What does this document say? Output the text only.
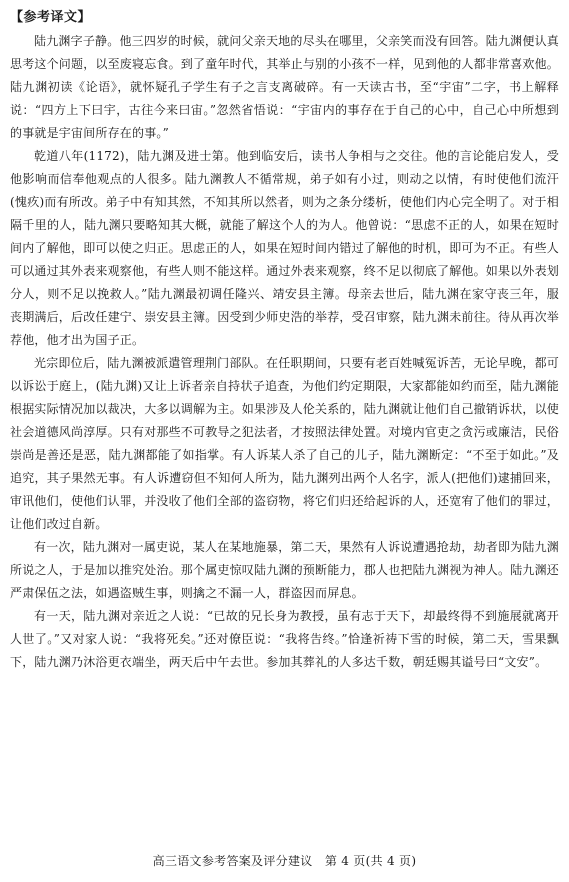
【参考译文】

陆九渊字子静。他三四岁的时候，就问父亲天地的尽头在哪里，父亲笑而没有回答。陆九渊便认真思考这个问题，以至废寝忘食。到了童年时代，其举止与别的小孩不一样，见到他的人都非常喜欢他。陆九渊初读《论语》，就怀疑孔子学生有子之言支离破碎。有一天读古书，至“宇宙”二字，书上解释说：“四方上下曰宇，古往今来曰宙。”忽然省悟说：“宇宙内的事存在于自己的心中，自己心中所想到的事就是宇宙间所存在的事。”

乾道八年(1172)，陆九渊及进士第。他到临安后，读书人争相与之交往。他的言论能启发人，受他影响而信奉他观点的人很多。陆九渊教人不循常规，弟子如有小过，则动之以情，有时使他们流汗(愧疚)而有所改。弟子中有知其然，不知其所以然者，则为之条分缕析，使他们内心完全明了。对于相隔千里的人，陆九渊只要略知其大概，就能了解这个人的为人。他曾说：“思虑不正的人，如果在短时间内了解他，即可以使之归正。思虑正的人，如果在短时间内错过了解他的时机，即可为不正。有些人可以通过其外表来观察他，有些人则不能这样。通过外表来观察，终不足以彻底了解他。如果以外表划分人，则不足以挽救人。”陆九渊最初调任隆兴、靖安县主簿。母亲去世后，陆九渊在家守丧三年，服丧期满后，后改任建宁、崇安县主簿。因受到少师史浩的举荐，受召审察，陆九渊未前往。待从再次举荐他，他才出为国子正。

光宗即位后，陆九渊被派遣管理荆门部队。在任职期间，只要有老百姓喊冤诉苦，无论早晚，都可以诉讼于庭上，(陆九渊)又让上诉者亲自持状子追查，为他们约定期限，大家都能如约而至，陆九渊能根据实际情况加以裁决，大多以调解为主。如果涉及人伦关系的，陆九渊就让他们自己撤销诉状，以使社会道德风尚淳厚。只有对那些不可教导之犯法者，才按照法律处置。对境内官吏之贪污或廉洁，民俗崇尚是善还是恶，陆九渊都能了如指掌。有人诉某人杀了自己的儿子，陆九渊断定：“不至于如此。”及追究，其子果然无事。有人诉遭窃但不知何人所为，陆九渊列出两个人名字，派人(把他们)逮捕回来，审讯他们，使他们认罪，并没收了他们全部的盗窃物，将它们归还给起诉的人，还宽宥了他们的罪过，让他们改过自新。

有一次，陆九渊对一属吏说，某人在某地施暴，第二天，果然有人诉说遭遇抢劫，劫者即为陆九渊所说之人，于是加以推究处治。那个属吏惊叹陆九渊的预断能力，郡人也把陆九渊视为神人。陆九渊还严肃保伍之法，如遇盗贼生事，则擒之不漏一人，群盗因而屏息。

有一天，陆九渊对亲近之人说：“已故的兄长身为教授，虽有志于天下，却最终得不到施展就离开人世了。”又对家人说：“我将死矣。”还对僚臣说：“我将告终。”恰逢祈祷下雪的时候，第二天，雪果飘下，陆九渊乃沐浴更衣端坐，两天后中午去世。参加其葬礼的人多达千数，朝廷赐其谥号曰“文安”。

高三语文参考答案及评分建议　第 4 页(共 4 页)
